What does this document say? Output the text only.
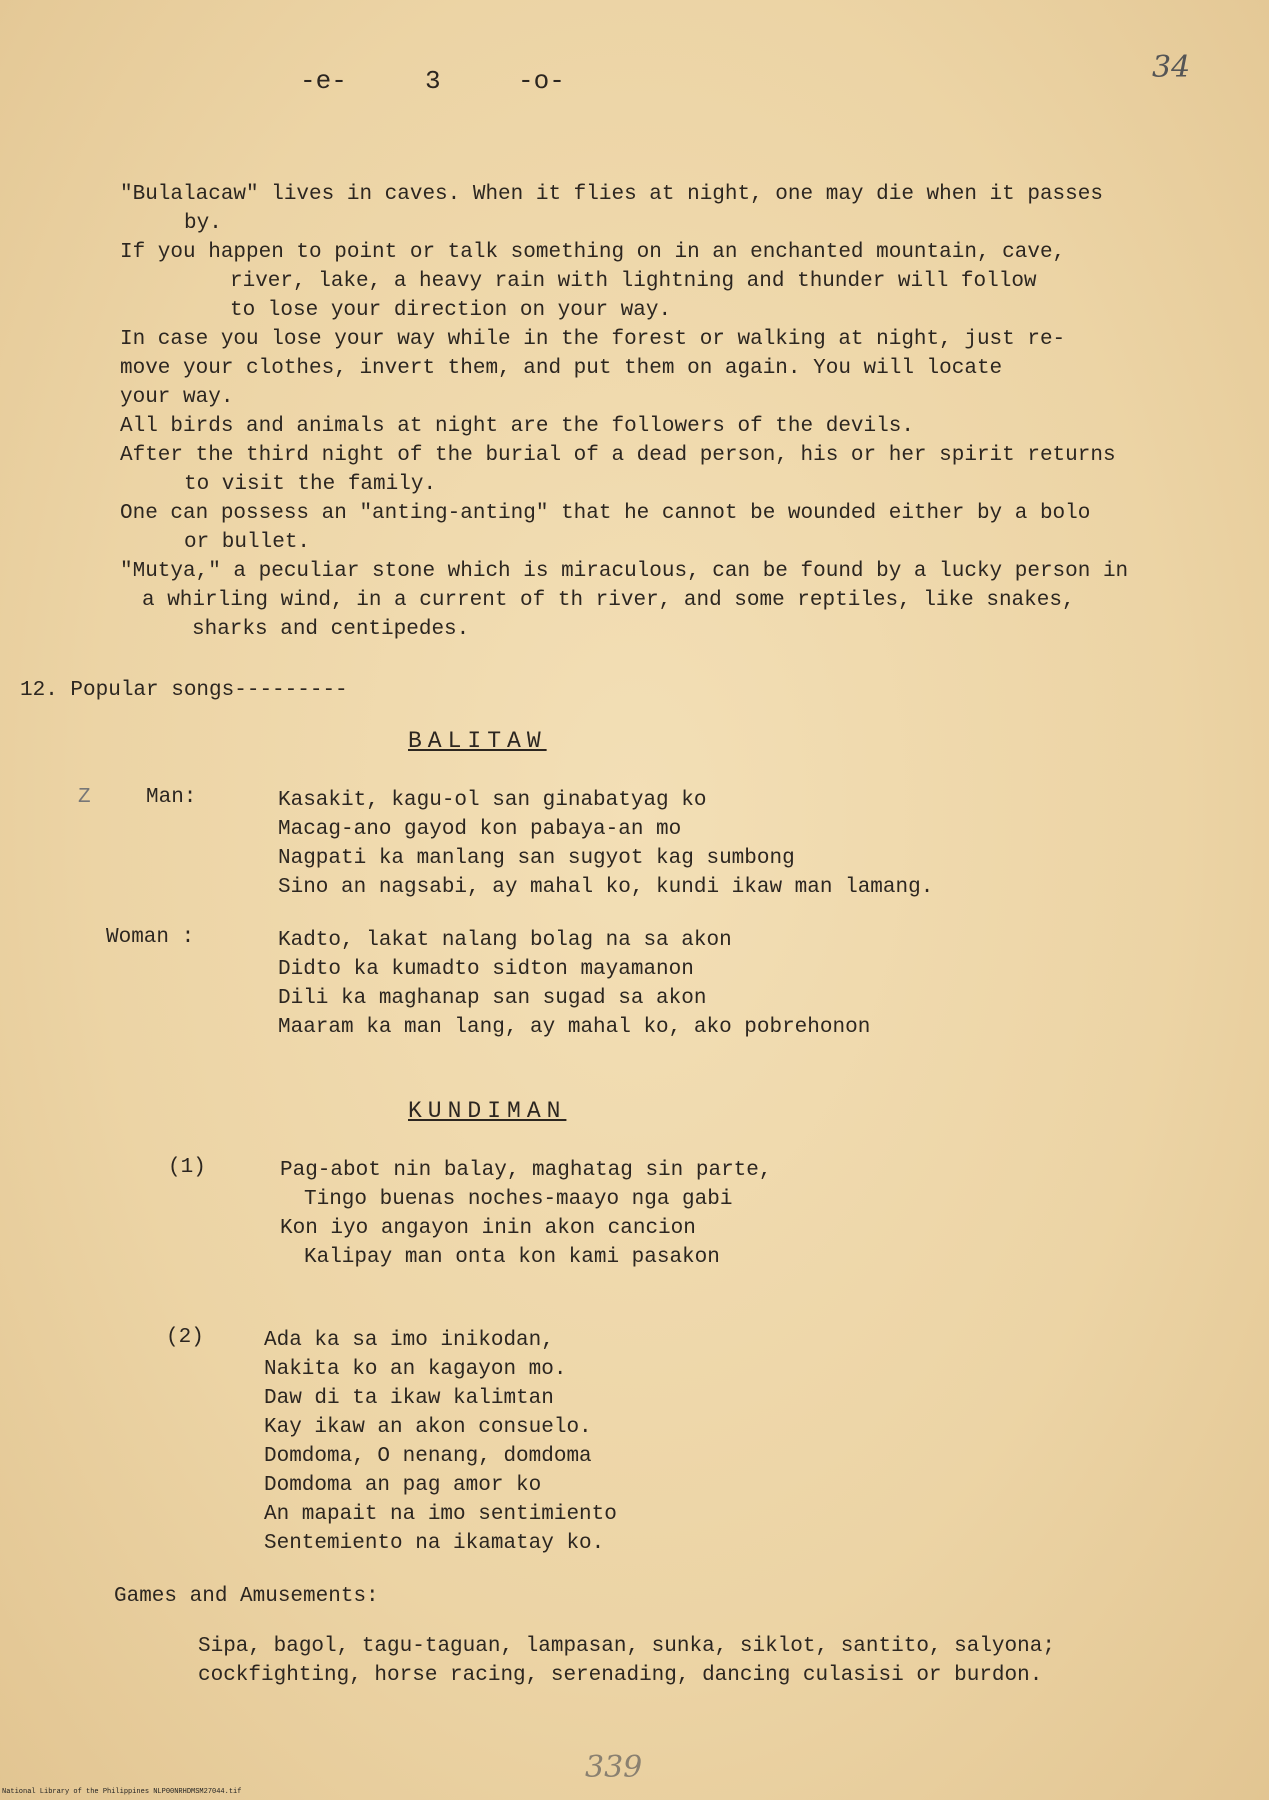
-e-	3	-o-	34
"Bulalacaw" lives in caves. When it flies at night, one may die when it passes
by.
If you happen to point or talk something on in an enchanted mountain, cave,
river, lake, a heavy rain with lightning and thunder will follow
to lose your direction on your way.
In case you lose your way while in the forest or walking at night, just re-
move your clothes, invert them, and put them on again. You will locate
your way.
All birds and animals at night are the followers of the devils.
After the third night of the burial of a dead person, his or her spirit returns
to visit the family.
One can possess an "anting-anting" that he cannot be wounded either by a bolo
or bullet.
"Mutya," a peculiar stone which is miraculous, can be found by a lucky person in
a whirling wind, in a current of th river, and some reptiles, like snakes,
sharks and centipedes.
12. Popular songs---------
BALITAW
Z	Man:	Kasakit, kagu-ol san ginabatyag ko
Macag-ano gayod kon pabaya-an mo
Nagpati ka manlang san sugyot kag sumbong
Sino an nagsabi, ay mahal ko, kundi ikaw man lamang.
Woman :	Kadto, lakat nalang bolag na sa akon
Didto ka kumadto sidton mayamanon
Dili ka maghanap san sugad sa akon
Maaram ka man lang, ay mahal ko, ako pobrehonon
KUNDIMAN
(1)	Pag-abot nin balay, maghatag sin parte,
Tingo buenas noches-maayo nga gabi
Kon iyo angayon inin akon cancion
Kalipay man onta kon kami pasakon
(2)	Ada ka sa imo inikodan,
Nakita ko an kagayon mo.
Daw di ta ikaw kalimtan
Kay ikaw an akon consuelo.
Domdoma, O nenang, domdoma
Domdoma an pag amor ko
An mapait na imo sentimiento
Sentemiento na ikamatay ko.
Games and Amusements:
Sipa, bagol, tagu-taguan, lampasan, sunka, siklot, santito, salyona;
cockfighting, horse racing, serenading, dancing culasisi or burdon.
339
National Library of the Philippines NLP00NRHDMSM27044.tif
